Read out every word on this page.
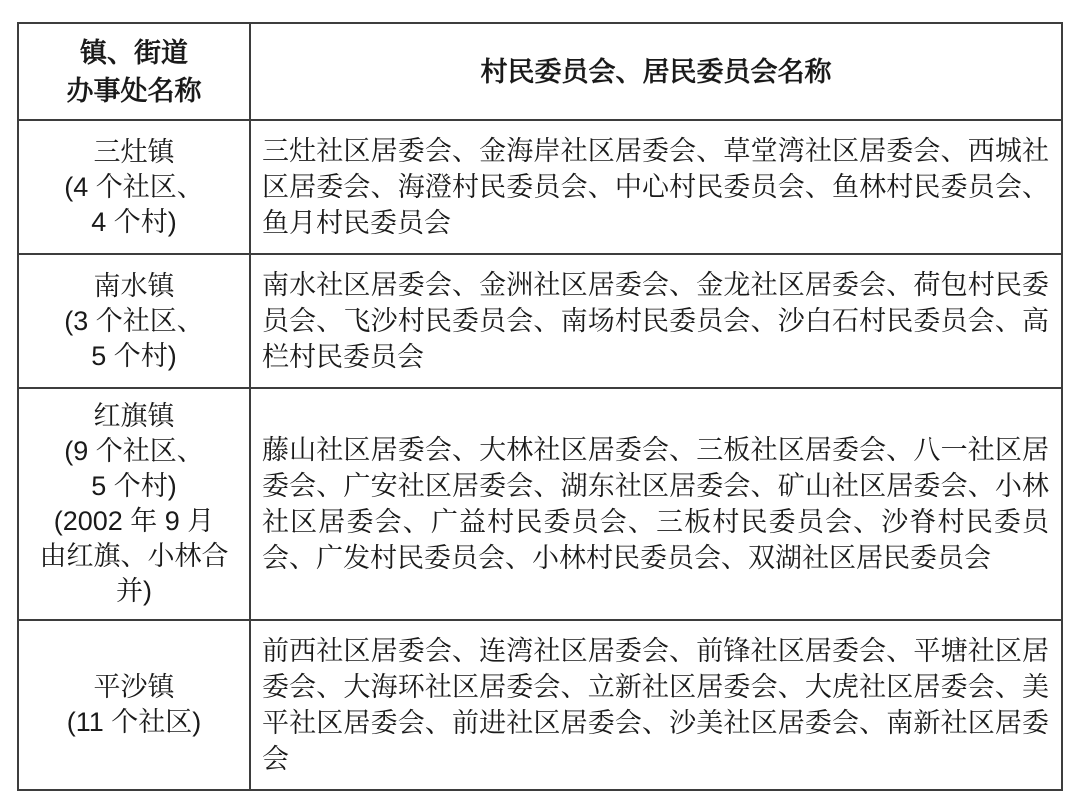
镇、街道
办事处名称	村民委员会、居民委员会名称

三灶镇
(4 个社区、
4 个村)	三灶社区居委会、金海岸社区居委会、草堂湾社区居委会、西城社区居委会、海澄村民委员会、中心村民委员会、鱼林村民委员会、鱼月村民委员会

南水镇
(3 个社区、
5 个村)	南水社区居委会、金洲社区居委会、金龙社区居委会、荷包村民委员会、飞沙村民委员会、南场村民委员会、沙白石村民委员会、高栏村民委员会

红旗镇
(9 个社区、
5 个村)
(2002 年 9 月
由红旗、小林合
并)
	藤山社区居委会、大林社区居委会、三板社区居委会、八一社区居委会、广安社区居委会、湖东社区居委会、矿山社区居委会、小林社区居委会、广益村民委员会、三板村民委员会、沙脊村民委员会、广发村民委员会、小林村民委员会、双湖社区居民委员会

平沙镇
(11 个社区)	前西社区居委会、连湾社区居委会、前锋社区居委会、平塘社区居委会、大海环社区居委会、立新社区居委会、大虎社区居委会、美平社区居委会、前进社区居委会、沙美社区居委会、南新社区居委会
